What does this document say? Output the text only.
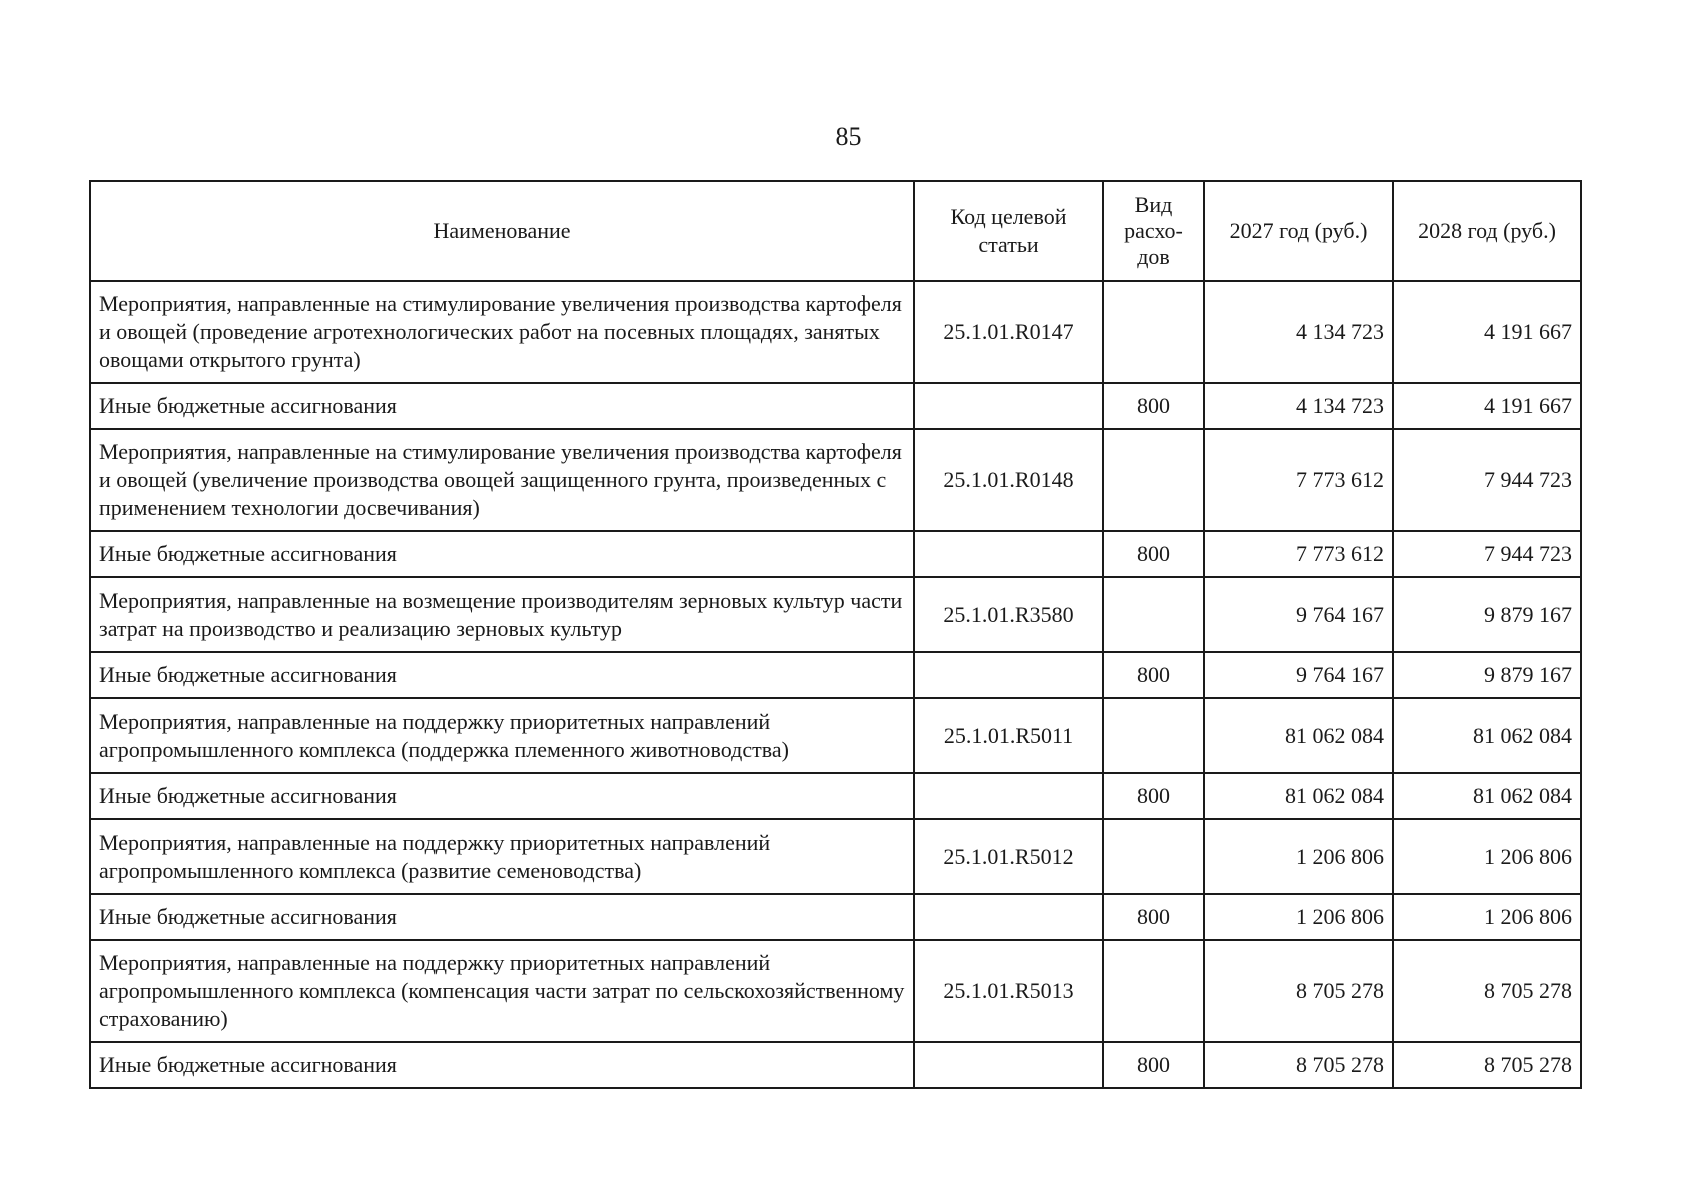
85
Наименование	Код целевой статьи	Вид расхо-дов	2027 год (руб.)	2028 год (руб.)
Мероприятия, направленные на стимулирование увеличения производства картофеля и овощей (проведение агротехнологических работ на посевных площадях, занятых овощами открытого грунта)	25.1.01.R0147		4 134 723	4 191 667
Иные бюджетные ассигнования		800	4 134 723	4 191 667
Мероприятия, направленные на стимулирование увеличения производства картофеля и овощей (увеличение производства овощей защищенного грунта, произведенных с применением технологии досвечивания)	25.1.01.R0148		7 773 612	7 944 723
Иные бюджетные ассигнования		800	7 773 612	7 944 723
Мероприятия, направленные на возмещение производителям зерновых культур части затрат на производство и реализацию зерновых культур	25.1.01.R3580		9 764 167	9 879 167
Иные бюджетные ассигнования		800	9 764 167	9 879 167
Мероприятия, направленные на поддержку приоритетных направлений агропромышленного комплекса (поддержка племенного животноводства)	25.1.01.R5011		81 062 084	81 062 084
Иные бюджетные ассигнования		800	81 062 084	81 062 084
Мероприятия, направленные на поддержку приоритетных направлений агропромышленного комплекса (развитие семеноводства)	25.1.01.R5012		1 206 806	1 206 806
Иные бюджетные ассигнования		800	1 206 806	1 206 806
Мероприятия, направленные на поддержку приоритетных направлений агропромышленного комплекса (компенсация части затрат по сельскохозяйственному страхованию)	25.1.01.R5013		8 705 278	8 705 278
Иные бюджетные ассигнования		800	8 705 278	8 705 278
